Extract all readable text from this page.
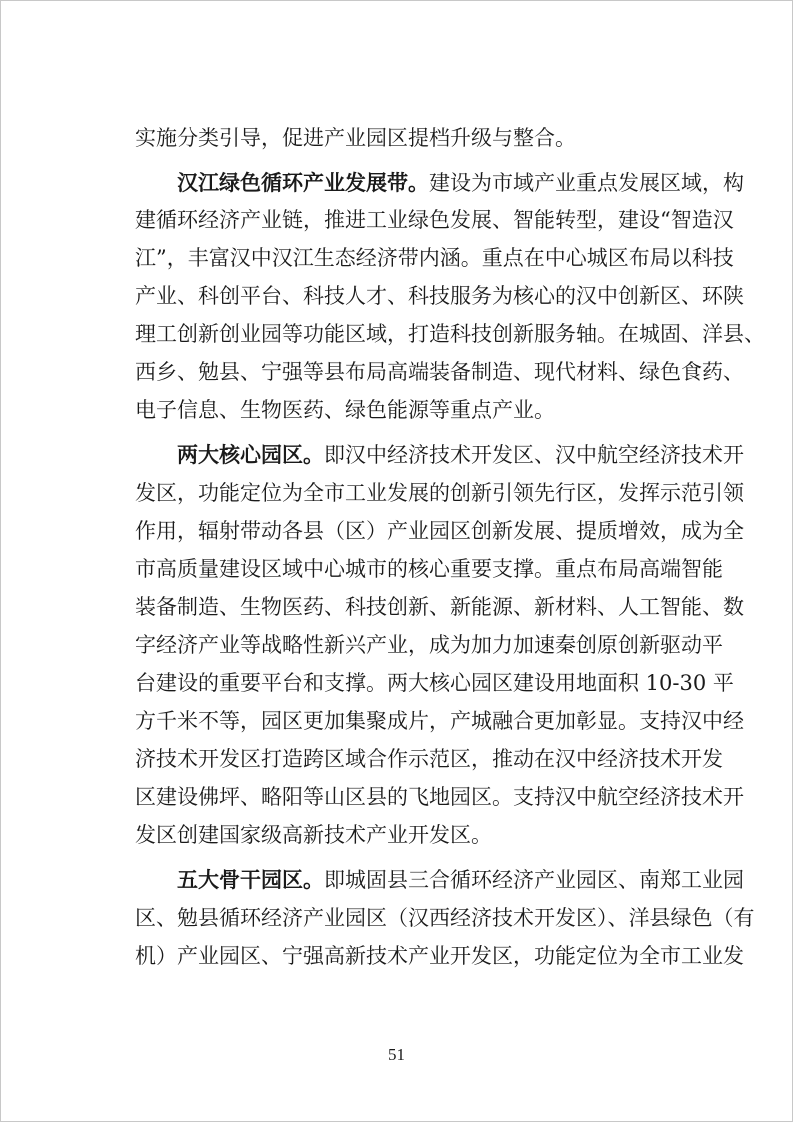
实施分类引导，促进产业园区提档升级与整合。
汉江绿色循环产业发展带。建设为市域产业重点发展区域，构
建循环经济产业链，推进工业绿色发展、智能转型，建设“智造汉
江”，丰富汉中汉江生态经济带内涵。重点在中心城区布局以科技
产业、科创平台、科技人才、科技服务为核心的汉中创新区、环陕
理工创新创业园等功能区域，打造科技创新服务轴。在城固、洋县、
西乡、勉县、宁强等县布局高端装备制造、现代材料、绿色食药、
电子信息、生物医药、绿色能源等重点产业。
两大核心园区。即汉中经济技术开发区、汉中航空经济技术开
发区，功能定位为全市工业发展的创新引领先行区，发挥示范引领
作用，辐射带动各县（区）产业园区创新发展、提质增效，成为全
市高质量建设区域中心城市的核心重要支撑。重点布局高端智能
装备制造、生物医药、科技创新、新能源、新材料、人工智能、数
字经济产业等战略性新兴产业，成为加力加速秦创原创新驱动平
台建设的重要平台和支撑。两大核心园区建设用地面积 10-30 平
方千米不等，园区更加集聚成片，产城融合更加彰显。支持汉中经
济技术开发区打造跨区域合作示范区，推动在汉中经济技术开发
区建设佛坪、略阳等山区县的飞地园区。支持汉中航空经济技术开
发区创建国家级高新技术产业开发区。
五大骨干园区。即城固县三合循环经济产业园区、南郑工业园
区、勉县循环经济产业园区（汉西经济技术开发区）、洋县绿色（有
机）产业园区、宁强高新技术产业开发区，功能定位为全市工业发
51
